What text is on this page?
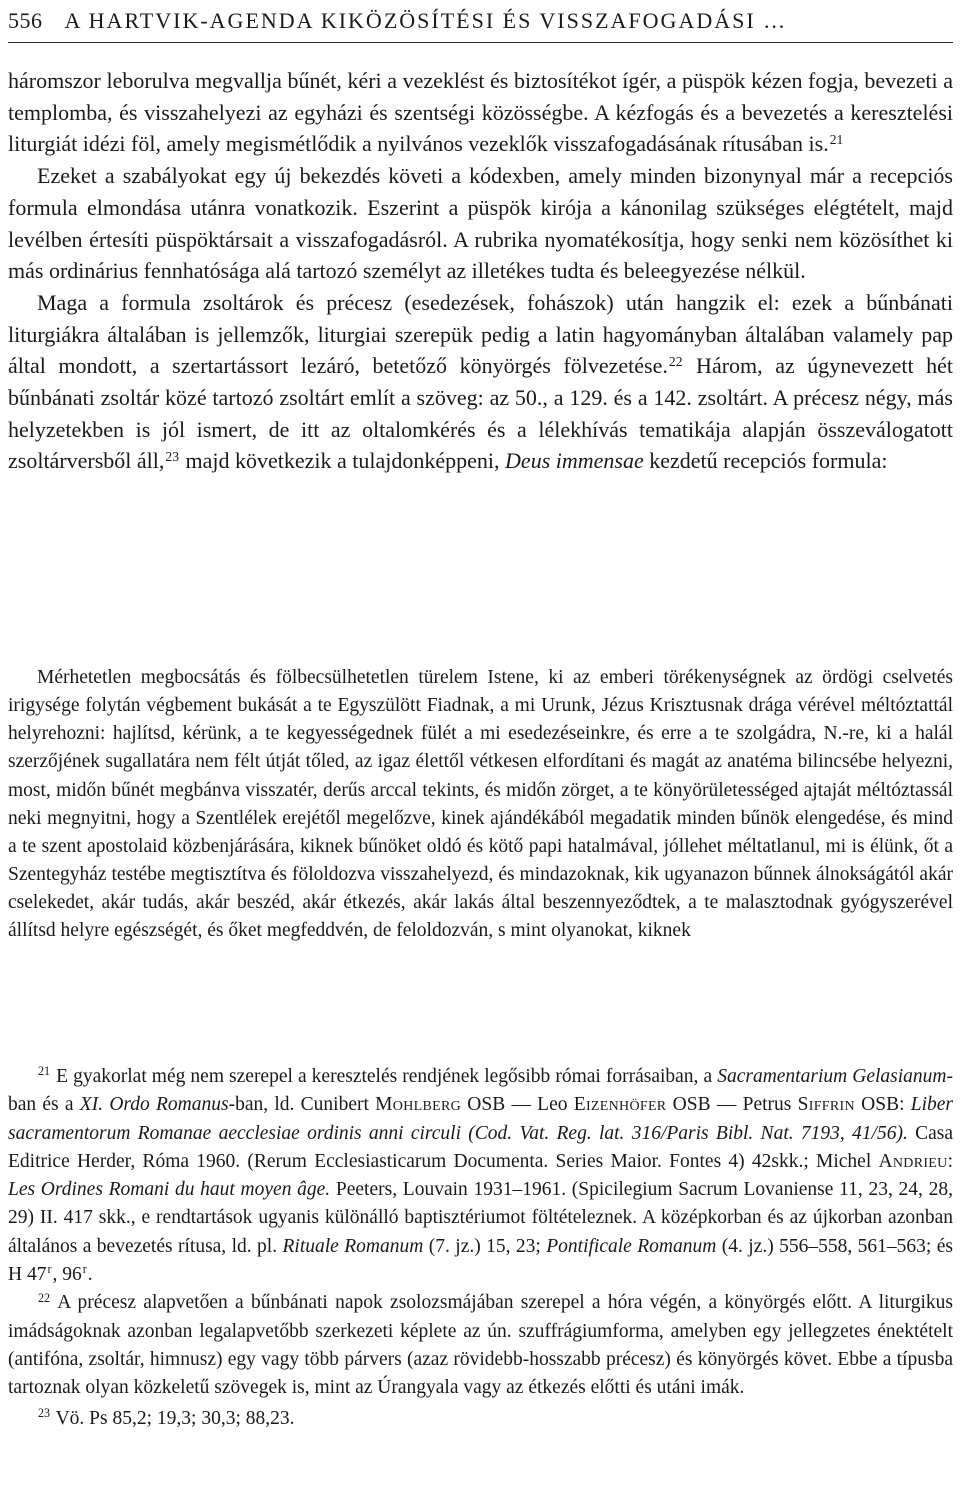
556 A HARTVIK-AGENDA KIKÖZÖSÍTÉSI ÉS VISSZAFOGADÁSI …

háromszor leborulva megvallja bűnét, kéri a vezeklést és biztosítékot ígér, a püspök kézen fogja, bevezeti a templomba, és visszahelyezi az egyházi és szentségi közösségbe. A kézfogás és a bevezetés a keresztelési liturgiát idézi föl, amely megismétlődik a nyilvános vezeklők visszafogadásának rítusában is.$^{21}$

Ezeket a szabályokat egy új bekezdés követi a kódexben, amely minden bizonynyal már a recepciós formula elmondása utánra vonatkozik. Eszerint a püspök kirója a kánonilag szükséges elégtételt, majd levélben értesíti püspöktársait a visszafogadásról. A rubrika nyomatékosítja, hogy senki nem közösíthet ki más ordinárius fennhatósága alá tartozó személyt az illetékes tudta és beleegyezése nélkül.

Maga a formula zsoltárok és précesz (esedezések, fohászok) után hangzik el: ezek a bűnbánati liturgiákra általában is jellemzők, liturgiai szerepük pedig a latin hagyományban általában valamely pap által mondott, a szertartássort lezáró, betetőző könyörgés fölvezetése.$^{22}$ Három, az úgynevezett hét bűnbánati zsoltár közé tartozó zsoltárt említ a szöveg: az 50., a 129. és a 142. zsoltárt. A précesz négy, más helyzetekben is jól ismert, de itt az oltalomkérés és a lélekhívás tematikája alapján összeválogatott zsoltárversből áll,$^{23}$ majd következik a tulajdonképpeni, Deus immensae kezdetű recepciós formula:

Mérhetetlen megbocsátás és fölbecsülhetetlen türelem Istene, ki az emberi törékenységnek az ördögi cselvetés irigysége folytán végbement bukását a te Egyszülött Fiadnak, a mi Urunk, Jézus Krisztusnak drága vérével méltóztattál helyrehozni: hajlítsd, kérünk, a te kegyességednek fülét a mi esedezéseinkre, és erre a te szolgádra, N.-re, ki a halál szerzőjének sugallatára nem félt útját tőled, az igaz élettől vétkesen elfordítani és magát az anatéma bilincsébe helyezni, most, midőn bűnét megbánva visszatér, derűs arccal tekints, és midőn zörget, a te könyörületességed ajtaját méltóztassál neki megnyitni, hogy a Szentlélek erejétől megelőzve, kinek ajándékából megadatik minden bűnök elengedése, és mind a te szent apostolaid közbenjárására, kiknek bűnöket oldó és kötő papi hatalmával, jóllehet méltatlanul, mi is élünk, őt a Szentegyház testébe megtisztítva és föloldozva visszahelyezd, és mindazoknak, kik ugyanazon bűnnek álnokságától akár cselekedet, akár tudás, akár beszéd, akár étkezés, akár lakás által beszennyeződtek, a te malasztodnak gyógyszerével állítsd helyre egészségét, és őket megfeddvén, de feloldozván, s mint olyanokat, kiknek

$^{21}$ E gyakorlat még nem szerepel a keresztelés rendjének legősibb római forrásaiban, a Sacramentarium Gelasianum-ban és a XI. Ordo Romanus-ban, ld. Cunibert Mohlberg OSB — Leo Eizenhöfer OSB — Petrus Siffrin OSB: Liber sacramentorum Romanae aecclesiae ordinis anni circuli (Cod. Vat. Reg. lat. 316/Paris Bibl. Nat. 7193, 41/56). Casa Editrice Herder, Róma 1960. (Rerum Ecclesiasticarum Documenta. Series Maior. Fontes 4) 42skk.; Michel Andrieu: Les Ordines Romani du haut moyen âge. Peeters, Louvain 1931–1961. (Spicilegium Sacrum Lovaniense 11, 23, 24, 28, 29) II. 417 skk., e rendtartások ugyanis különálló baptisztériumot föltételeznek. A középkorban és az újkorban azonban általános a bevezetés rítusa, ld. pl. Rituale Romanum (7. jz.) 15, 23; Pontificale Romanum (4. jz.) 556–558, 561–563; és H 47$^r$, 96$^r$.

$^{22}$ A précesz alapvetően a bűnbánati napok zsolozsmájában szerepel a hóra végén, a könyörgés előtt. A liturgikus imádságoknak azonban legalapvetőbb szerkezeti képlete az ún. szuffrágiumforma, amelyben egy jellegzetes énektételt (antifóna, zsoltár, himnusz) egy vagy több párvers (azaz rövidebb-hosszabb précesz) és könyörgés követ. Ebbe a típusba tartoznak olyan közkeletű szövegek is, mint az Úrangyala vagy az étkezés előtti és utáni imák.

$^{23}$ Vö. Ps 85,2; 19,3; 30,3; 88,23.
